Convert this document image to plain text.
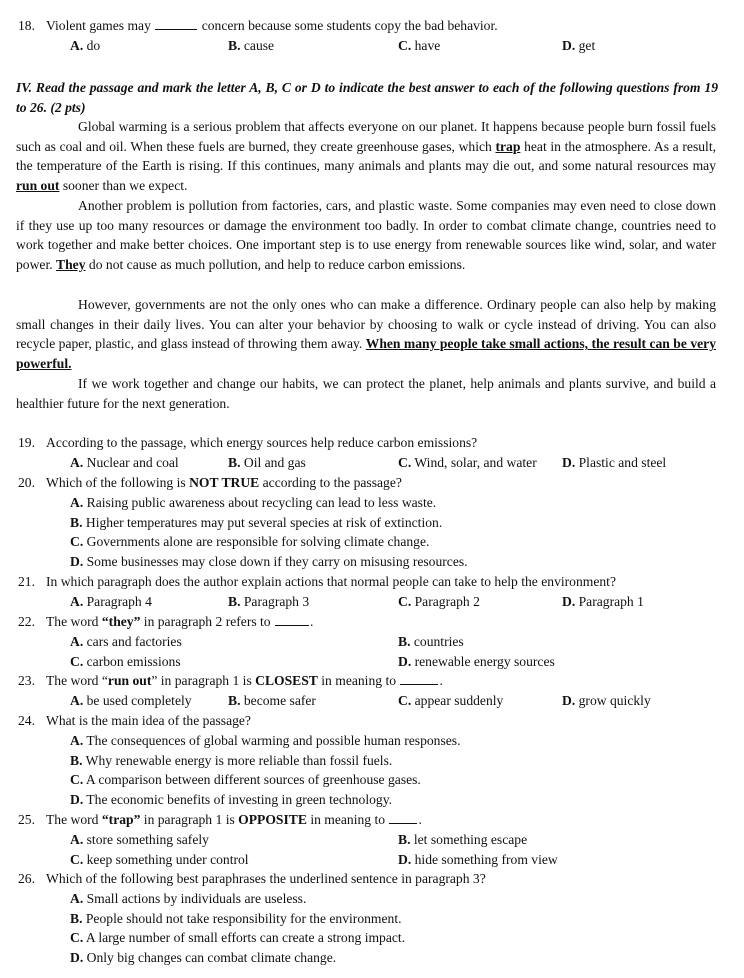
18. Violent games may	concern because some students copy the bad behavior.
A. do	B. cause	C. have	D. get
IV. Read the passage and mark the letter A, B, C or D to indicate the best answer to each of the following questions from 19 to 26. (2 pts)
Global warming is a serious problem that affects everyone on our planet. It happens because people burn fossil fuels such as coal and oil. When these fuels are burned, they create greenhouse gases, which trap heat in the atmosphere. As a result, the temperature of the Earth is rising. If this continues, many animals and plants may die out, and some natural resources may run out sooner than we expect.
Another problem is pollution from factories, cars, and plastic waste. Some companies may even need to close down if they use up too many resources or damage the environment too badly. In order to combat climate change, countries need to work together and make better choices. One important step is to use energy from renewable sources like wind, solar, and water power. They do not cause as much pollution, and help to reduce carbon emissions.
However, governments are not the only ones who can make a difference. Ordinary people can also help by making small changes in their daily lives. You can alter your behavior by choosing to walk or cycle instead of driving. You can also recycle paper, plastic, and glass instead of throwing them away. When many people take small actions, the result can be very powerful.
If we work together and change our habits, we can protect the planet, help animals and plants survive, and build a healthier future for the next generation.
19. According to the passage, which energy sources help reduce carbon emissions?
A. Nuclear and coal	B. Oil and gas	C. Wind, solar, and water D. Plastic and steel
20. Which of the following is NOT TRUE according to the passage?
A. Raising public awareness about recycling can lead to less waste.
B. Higher temperatures may put several species at risk of extinction.
C. Governments alone are responsible for solving climate change.
D. Some businesses may close down if they carry on misusing resources.
21. In which paragraph does the author explain actions that normal people can take to help the environment?
A. Paragraph 4	B. Paragraph 3	C. Paragraph 2	D. Paragraph 1
22. The word “they” in paragraph 2 refers to	.
A. cars and factories	B. countries
C. carbon emissions	D. renewable energy sources
23. The word “run out” in paragraph 1 is CLOSEST in meaning to	.
A. be used completely	B. become safer	C. appear suddenly	D. grow quickly
24. What is the main idea of the passage?
A. The consequences of global warming and possible human responses.
B. Why renewable energy is more reliable than fossil fuels.
C. A comparison between different sources of greenhouse gases.
D. The economic benefits of investing in green technology.
25. The word “trap” in paragraph 1 is OPPOSITE in meaning to .
A. store something safely	B. let something escape
C. keep something under control	D. hide something from view
26. Which of the following best paraphrases the underlined sentence in paragraph 3?
A. Small actions by individuals are useless.
B. People should not take responsibility for the environment.
C. A large number of small efforts can create a strong impact.
D. Only big changes can combat climate change.
